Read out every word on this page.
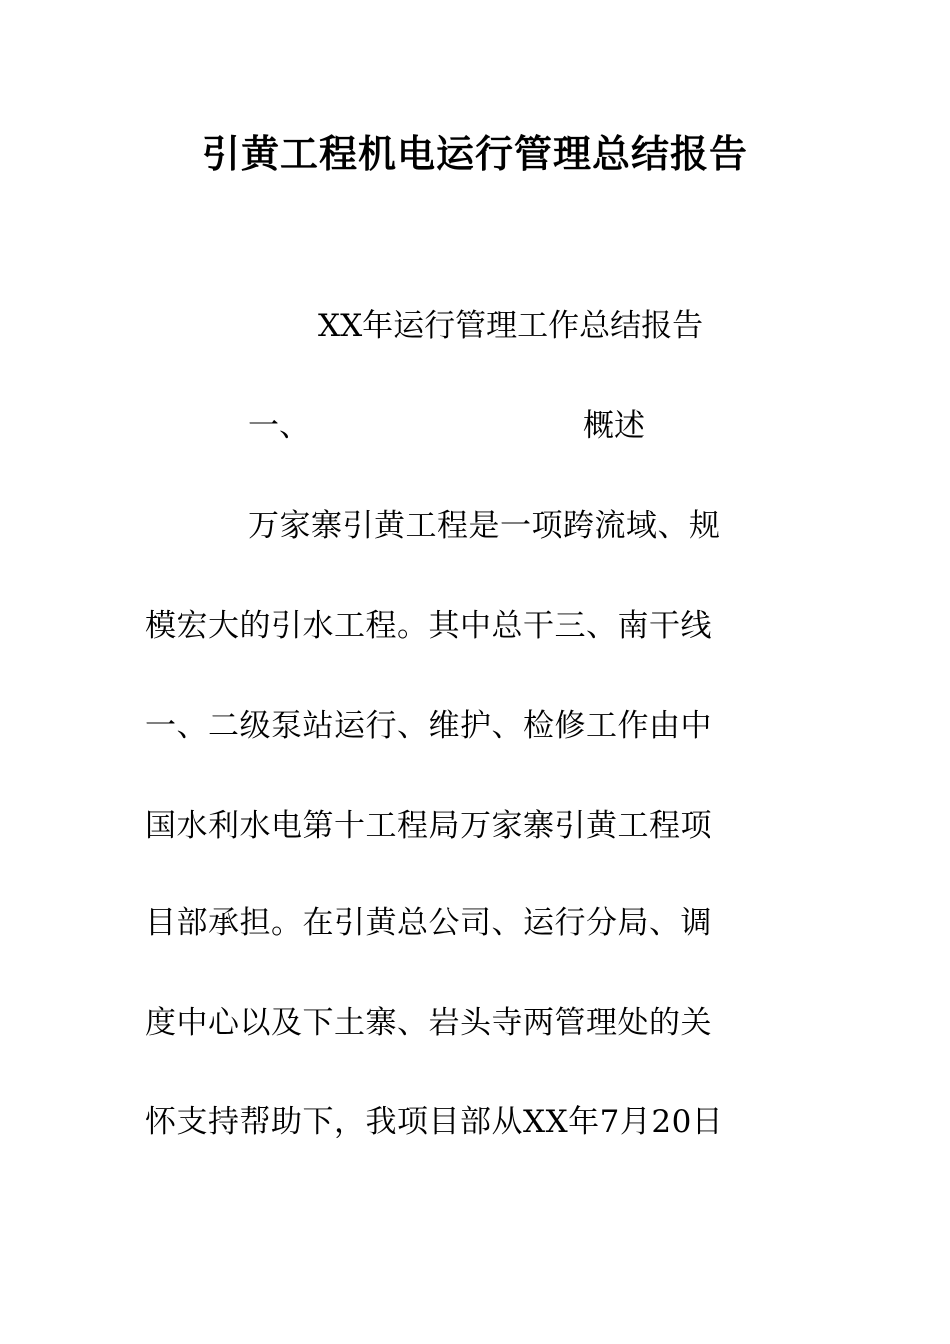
引黄工程机电运行管理总结报告
XX年运行管理工作总结报告
一、	概述
万家寨引黄工程是一项跨流域、规
模宏大的引水工程。其中总干三、南干线
一、二级泵站运行、维护、检修工作由中
国水利水电第十工程局万家寨引黄工程项
目部承担。在引黄总公司、运行分局、调
度中心以及下土寨、岩头寺两管理处的关
怀支持帮助下，我项目部从XX年7月20日
